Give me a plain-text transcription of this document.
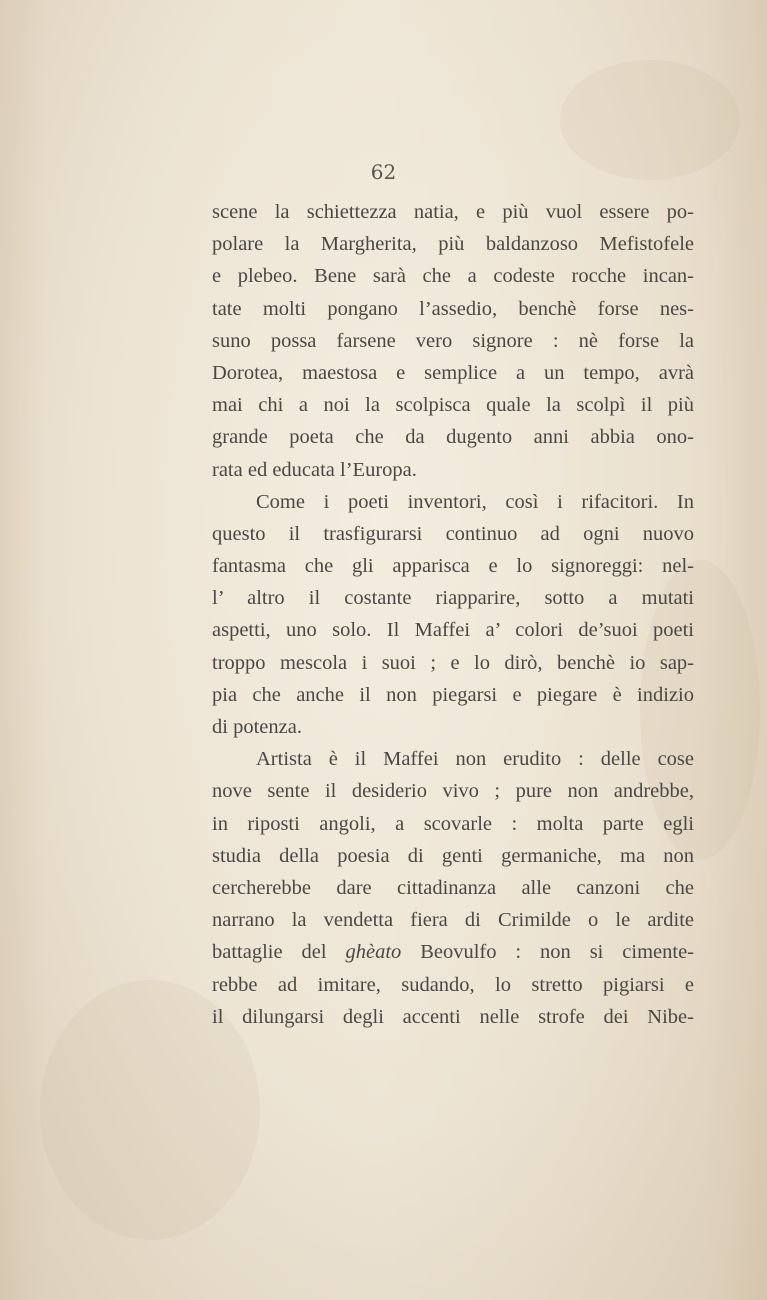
62
scene la schiettezza natia, e più vuol essere po-
polare la Margherita, più baldanzoso Mefistofele
e plebeo. Bene sarà che a codeste rocche incan-
tate molti pongano l’assedio, benchè forse nes-
suno possa farsene vero signore : nè forse la
Dorotea, maestosa e semplice a un tempo, avrà
mai chi a noi la scolpisca quale la scolpì il più
grande poeta che da dugento anni abbia ono-
rata ed educata l’Europa.
Come i poeti inventori, così i rifacitori. In
questo il trasfigurarsi continuo ad ogni nuovo
fantasma che gli apparisca e lo signoreggi: nel-
l’ altro il costante riapparire, sotto a mutati
aspetti, uno solo. Il Maffei a’ colori de’suoi poeti
troppo mescola i suoi ; e lo dirò, benchè io sap-
pia che anche il non piegarsi e piegare è indizio
di potenza.
Artista è il Maffei non erudito : delle cose
nove sente il desiderio vivo ; pure non andrebbe,
in riposti angoli, a scovarle : molta parte egli
studia della poesia di genti germaniche, ma non
cercherebbe dare cittadinanza alle canzoni che
narrano la vendetta fiera di Crimilde o le ardite
battaglie del ghèato Beovulfo : non si cimente-
rebbe ad imitare, sudando, lo stretto pigiarsi e
il dilungarsi degli accenti nelle strofe dei Nibe-
